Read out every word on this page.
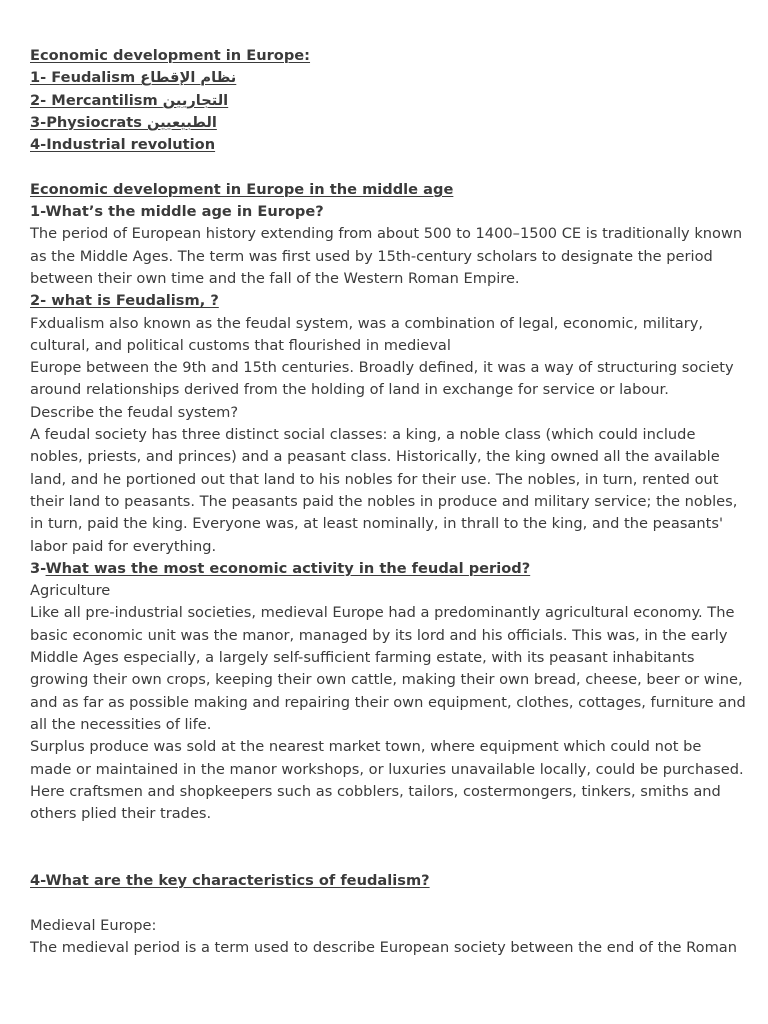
Economic development in Europe:

1- Feudalism نظام الإقطاع

2- Mercantilism التجاريين

3-Physiocrats الطبيعيين

4-Industrial revolution

Economic development in Europe in the middle age

1-What’s the middle age in Europe?

The period of European history extending from about 500 to 1400–1500 CE is traditionally known as the Middle Ages. The term was first used by 15th-century scholars to designate the period between their own time and the fall of the Western Roman Empire.

2- what is Feudalism, ?

Fxdualism also known as the feudal system, was a combination of legal, economic, military, cultural, and political customs that flourished in medieval

Europe between the 9th and 15th centuries. Broadly defined, it was a way of structuring society around relationships derived from the holding of land in exchange for service or labour.

Describe the feudal system?

A feudal society has three distinct social classes: a king, a noble class (which could include nobles, priests, and princes) and a peasant class. Historically, the king owned all the available land, and he portioned out that land to his nobles for their use. The nobles, in turn, rented out their land to peasants. The peasants paid the nobles in produce and military service; the nobles, in turn, paid the king. Everyone was, at least nominally, in thrall to the king, and the peasants' labor paid for everything.

3-What was the most economic activity in the feudal period?

Agriculture

Like all pre-industrial societies, medieval Europe had a predominantly agricultural economy. The basic economic unit was the manor, managed by its lord and his officials. This was, in the early Middle Ages especially, a largely self-sufficient farming estate, with its peasant inhabitants growing their own crops, keeping their own cattle, making their own bread, cheese, beer or wine, and as far as possible making and repairing their own equipment, clothes, cottages, furniture and all the necessities of life.

Surplus produce was sold at the nearest market town, where equipment which could not be made or maintained in the manor workshops, or luxuries unavailable locally, could be purchased. Here craftsmen and shopkeepers such as cobblers, tailors, costermongers, tinkers, smiths and others plied their trades.

4-What are the key characteristics of feudalism?

Medieval Europe:

The medieval period is a term used to describe European society between the end of the Roman
